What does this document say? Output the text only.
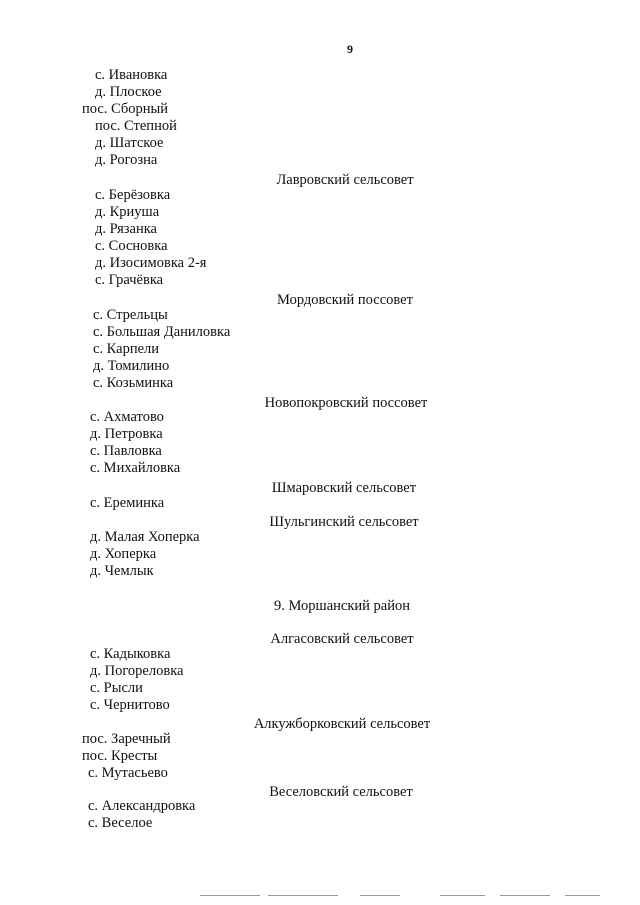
9
с. Ивановка
д. Плоское
пос. Сборный
пос. Степной
д. Шатское
д. Рогозна
Лавровский сельсовет
с. Берёзовка
д. Криуша
д. Рязанка
с. Сосновка
д. Изосимовка 2-я
с. Грачёвка
Мордовский поссовет
с. Стрельцы
с. Большая Даниловка
с. Карпели
д. Томилино
с. Козьминка
Новопокровский поссовет
с. Ахматово
д. Петровка
с. Павловка
с. Михайловка
Шмаровский сельсовет
с. Ереминка
Шульгинский сельсовет
д. Малая Хоперка
д. Хоперка
д. Чемлык
9. Моршанский район
Алгасовский сельсовет
с. Кадыковка
д. Погореловка
с. Рысли
с. Чернитово
Алкужборковский сельсовет
пос. Заречный
пос. Кресты
с. Мутасьево
Веселовский сельсовет
с. Александровка
с. Веселое
